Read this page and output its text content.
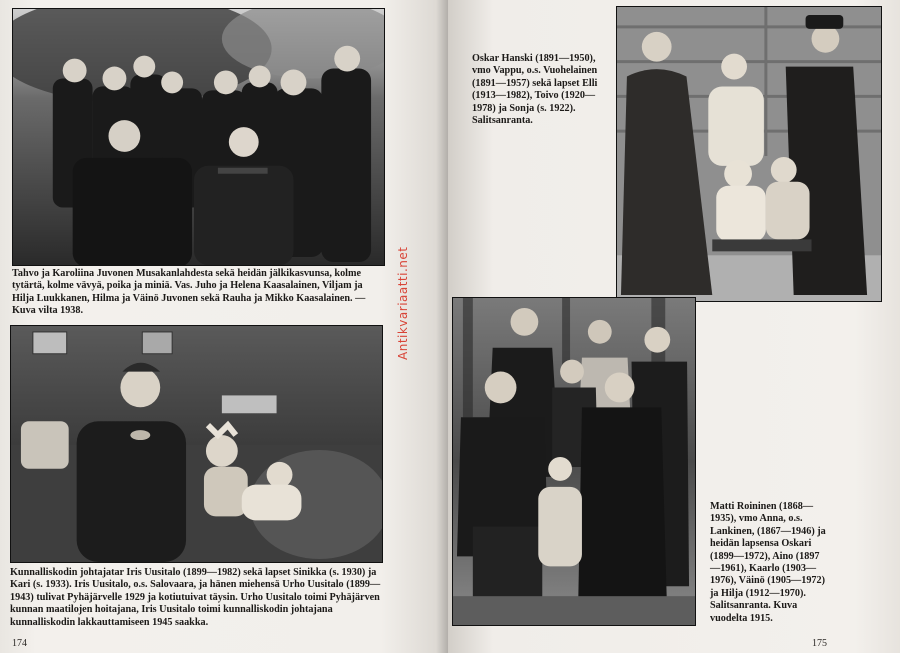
Tahvo ja Karoliina Juvonen Musakanlahdesta sekä heidän jälkikasvunsa, kolme tytärtä, kolme vävyä, poika ja miniä. Vas. Juho ja Helena Kaasalainen, Viljam ja Hilja Luukkanen, Hilma ja Väinö Juvonen sekä Rauha ja Mikko Kaasalainen. — Kuva vilta 1938.

Kunnalliskodin johtajatar Iris Uusitalo (1899—1982) sekä lapset Sinikka (s. 1930) ja Kari (s. 1933). Iris Uusitalo, o.s. Salovaara, ja hänen miehensä Urho Uusitalo (1899—1943) tulivat Pyhäjärvelle 1929 ja kotiutuivat täysin. Urho Uusitalo toimi Pyhäjärven kunnan maatilojen hoitajana, Iris Uusitalo toimi kunnalliskodin johtajana kunnalliskodin lakkauttamiseen 1945 saakka.

174	175

Oskar Hanski (1891—1950), vmo Vappu, o.s. Vuohelainen (1891—1957) sekä lapset Elli (1913—1982), Toivo (1920—1978) ja Sonja (s. 1922). Salitsanranta.

Matti Roininen (1868—1935), vmo Anna, o.s. Lankinen, (1867—1946) ja heidän lapsensa Oskari (1899—1972), Aino (1897—1961), Kaarlo (1903—1976), Väinö (1905—1972) ja Hilja (1912—1970). Salitsanranta. Kuva vuodelta 1915.

Antikvariaatti.net
